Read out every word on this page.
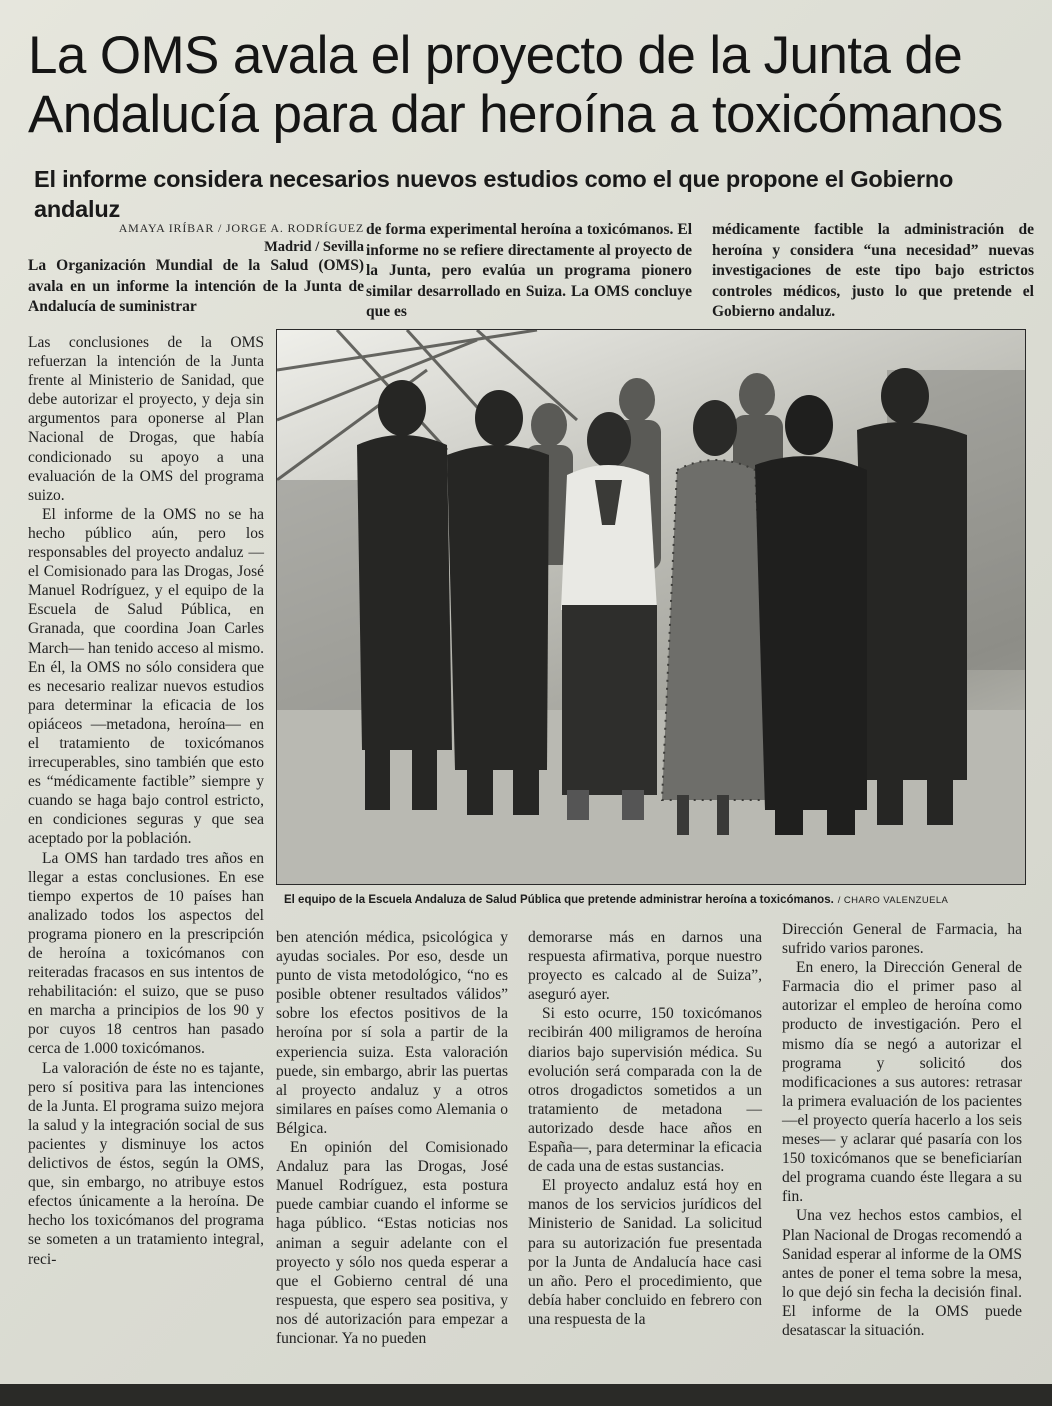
La OMS avala el proyecto de la Junta de Andalucía para dar heroína a toxicómanos
El informe considera necesarios nuevos estudios como el que propone el Gobierno andaluz
AMAYA IRÍBAR / JORGE A. RODRÍGUEZ
Madrid / Sevilla

La Organización Mundial de la Salud (OMS) avala en un informe la intención de la Junta de Andalucía de suministrar

de forma experimental heroína a toxicómanos. El informe no se refiere directamente al proyecto de la Junta, pero evalúa un programa pionero similar desarrollado en Suiza. La OMS concluye que es

médicamente factible la administración de heroína y considera “una necesidad” nuevas investigaciones de este tipo bajo estrictos controles médicos, justo lo que pretende el Gobierno andaluz.

Las conclusiones de la OMS refuerzan la intención de la Junta frente al Ministerio de Sanidad, que debe autorizar el proyecto, y deja sin argumentos para oponerse al Plan Nacional de Drogas, que había condicionado su apoyo a una evaluación de la OMS del programa suizo.

El informe de la OMS no se ha hecho público aún, pero los responsables del proyecto andaluz —el Comisionado para las Drogas, José Manuel Rodríguez, y el equipo de la Escuela de Salud Pública, en Granada, que coordina Joan Carles March— han tenido acceso al mismo. En él, la OMS no sólo considera que es necesario realizar nuevos estudios para determinar la eficacia de los opiáceos —metadona, heroína— en el tratamiento de toxicómanos irrecuperables, sino también que esto es “médicamente factible” siempre y cuando se haga bajo control estricto, en condiciones seguras y que sea aceptado por la población.

La OMS han tardado tres años en llegar a estas conclusiones. En ese tiempo expertos de 10 países han analizado todos los aspectos del programa pionero en la prescripción de heroína a toxicómanos con reiteradas fracasos en sus intentos de rehabilitación: el suizo, que se puso en marcha a principios de los 90 y por cuyos 18 centros han pasado cerca de 1.000 toxicómanos.

La valoración de éste no es tajante, pero sí positiva para las intenciones de la Junta. El programa suizo mejora la salud y la integración social de sus pacientes y disminuye los actos delictivos de éstos, según la OMS, que, sin embargo, no atribuye estos efectos únicamente a la heroína. De hecho los toxicómanos del programa se someten a un tratamiento integral, reci-

El equipo de la Escuela Andaluza de Salud Pública que pretende administrar heroína a toxicómanos. / CHARO VALENZUELA

ben atención médica, psicológica y ayudas sociales. Por eso, desde un punto de vista metodológico, “no es posible obtener resultados válidos” sobre los efectos positivos de la heroína por sí sola a partir de la experiencia suiza. Esta valoración puede, sin embargo, abrir las puertas al proyecto andaluz y a otros similares en países como Alemania o Bélgica.

En opinión del Comisionado Andaluz para las Drogas, José Manuel Rodríguez, esta postura puede cambiar cuando el informe se haga público. “Estas noticias nos animan a seguir adelante con el proyecto y sólo nos queda esperar a que el Gobierno central dé una respuesta, que espero sea positiva, y nos dé autorización para empezar a funcionar. Ya no pueden

demorarse más en darnos una respuesta afirmativa, porque nuestro proyecto es calcado al de Suiza”, aseguró ayer.

Si esto ocurre, 150 toxicómanos recibirán 400 miligramos de heroína diarios bajo supervisión médica. Su evolución será comparada con la de otros drogadictos sometidos a un tratamiento de metadona —autorizado desde hace años en España—, para determinar la eficacia de cada una de estas sustancias.

El proyecto andaluz está hoy en manos de los servicios jurídicos del Ministerio de Sanidad. La solicitud para su autorización fue presentada por la Junta de Andalucía hace casi un año. Pero el procedimiento, que debía haber concluido en febrero con una respuesta de la

Dirección General de Farmacia, ha sufrido varios parones.

En enero, la Dirección General de Farmacia dio el primer paso al autorizar el empleo de heroína como producto de investigación. Pero el mismo día se negó a autorizar el programa y solicitó dos modificaciones a sus autores: retrasar la primera evaluación de los pacientes —el proyecto quería hacerlo a los seis meses— y aclarar qué pasaría con los 150 toxicómanos que se beneficiarían del programa cuando éste llegara a su fin.

Una vez hechos estos cambios, el Plan Nacional de Drogas recomendó a Sanidad esperar al informe de la OMS antes de poner el tema sobre la mesa, lo que dejó sin fecha la decisión final. El informe de la OMS puede desatascar la situación.
